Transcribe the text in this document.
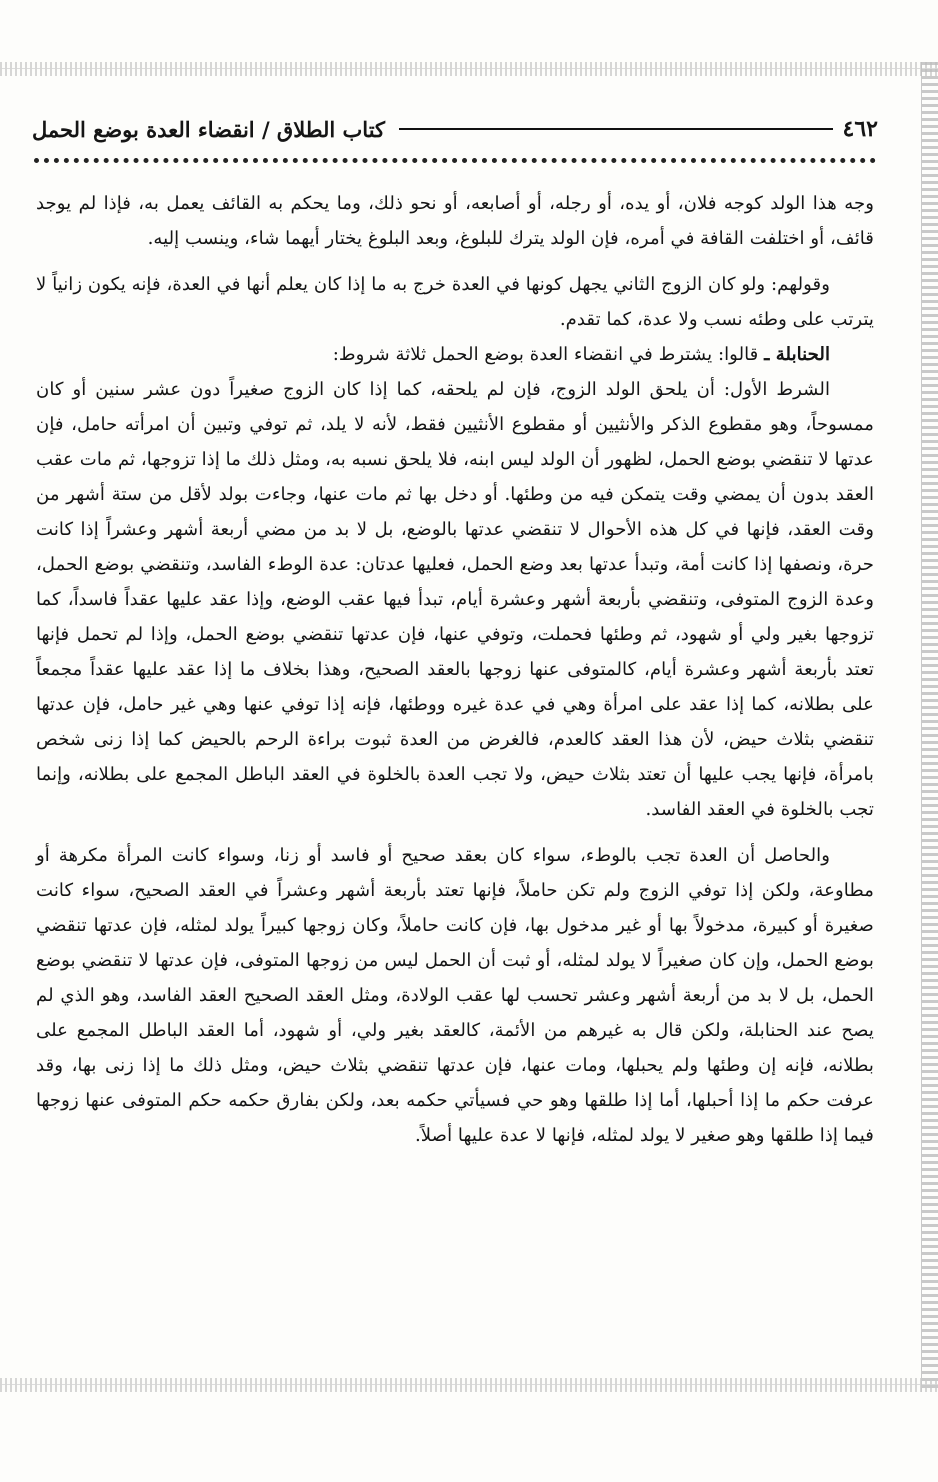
٤٦٢
كتاب الطلاق / انقضاء العدة بوضع الحمل

وجه هذا الولد كوجه فلان، أو يده، أو رجله، أو أصابعه، أو نحو ذلك، وما يحكم به القائف يعمل به، فإذا لم يوجد قائف، أو اختلفت القافة في أمره، فإن الولد يترك للبلوغ، وبعد البلوغ يختار أيهما شاء، وينسب إليه.

وقولهم: ولو كان الزوج الثاني يجهل كونها في العدة خرج به ما إذا كان يعلم أنها في العدة، فإنه يكون زانياً لا يترتب على وطئه نسب ولا عدة، كما تقدم.

الحنابلة ـ قالوا: يشترط في انقضاء العدة بوضع الحمل ثلاثة شروط:

الشرط الأول: أن يلحق الولد الزوج، فإن لم يلحقه، كما إذا كان الزوج صغيراً دون عشر سنين أو كان ممسوحاً، وهو مقطوع الذكر والأنثيين أو مقطوع الأنثيين فقط، لأنه لا يلد، ثم توفي وتبين أن امرأته حامل، فإن عدتها لا تنقضي بوضع الحمل، لظهور أن الولد ليس ابنه، فلا يلحق نسبه به، ومثل ذلك ما إذا تزوجها، ثم مات عقب العقد بدون أن يمضي وقت يتمكن فيه من وطئها. أو دخل بها ثم مات عنها، وجاءت بولد لأقل من ستة أشهر من وقت العقد، فإنها في كل هذه الأحوال لا تنقضي عدتها بالوضع، بل لا بد من مضي أربعة أشهر وعشراً إذا كانت حرة، ونصفها إذا كانت أمة، وتبدأ عدتها بعد وضع الحمل، فعليها عدتان: عدة الوطء الفاسد، وتنقضي بوضع الحمل، وعدة الزوج المتوفى، وتنقضي بأربعة أشهر وعشرة أيام، تبدأ فيها عقب الوضع، وإذا عقد عليها عقداً فاسداً، كما تزوجها بغير ولي أو شهود، ثم وطئها فحملت، وتوفي عنها، فإن عدتها تنقضي بوضع الحمل، وإذا لم تحمل فإنها تعتد بأربعة أشهر وعشرة أيام، كالمتوفى عنها زوجها بالعقد الصحيح، وهذا بخلاف ما إذا عقد عليها عقداً مجمعاً على بطلانه، كما إذا عقد على امرأة وهي في عدة غيره ووطئها، فإنه إذا توفي عنها وهي غير حامل، فإن عدتها تنقضي بثلاث حيض، لأن هذا العقد كالعدم، فالغرض من العدة ثبوت براءة الرحم بالحيض كما إذا زنى شخص بامرأة، فإنها يجب عليها أن تعتد بثلاث حيض، ولا تجب العدة بالخلوة في العقد الباطل المجمع على بطلانه، وإنما تجب بالخلوة في العقد الفاسد.

والحاصل أن العدة تجب بالوطء، سواء كان بعقد صحيح أو فاسد أو زنا، وسواء كانت المرأة مكرهة أو مطاوعة، ولكن إذا توفي الزوج ولم تكن حاملاً، فإنها تعتد بأربعة أشهر وعشراً في العقد الصحيح، سواء كانت صغيرة أو كبيرة، مدخولاً بها أو غير مدخول بها، فإن كانت حاملاً، وكان زوجها كبيراً يولد لمثله، فإن عدتها تنقضي بوضع الحمل، وإن كان صغيراً لا يولد لمثله، أو ثبت أن الحمل ليس من زوجها المتوفى، فإن عدتها لا تنقضي بوضع الحمل، بل لا بد من أربعة أشهر وعشر تحسب لها عقب الولادة، ومثل العقد الصحيح العقد الفاسد، وهو الذي لم يصح عند الحنابلة، ولكن قال به غيرهم من الأئمة، كالعقد بغير ولي، أو شهود، أما العقد الباطل المجمع على بطلانه، فإنه إن وطئها ولم يحبلها، ومات عنها، فإن عدتها تنقضي بثلاث حيض، ومثل ذلك ما إذا زنى بها، وقد عرفت حكم ما إذا أحبلها، أما إذا طلقها وهو حي فسيأتي حكمه بعد، ولكن بفارق حكمه حكم المتوفى عنها زوجها فيما إذا طلقها وهو صغير لا يولد لمثله، فإنها لا عدة عليها أصلاً.
